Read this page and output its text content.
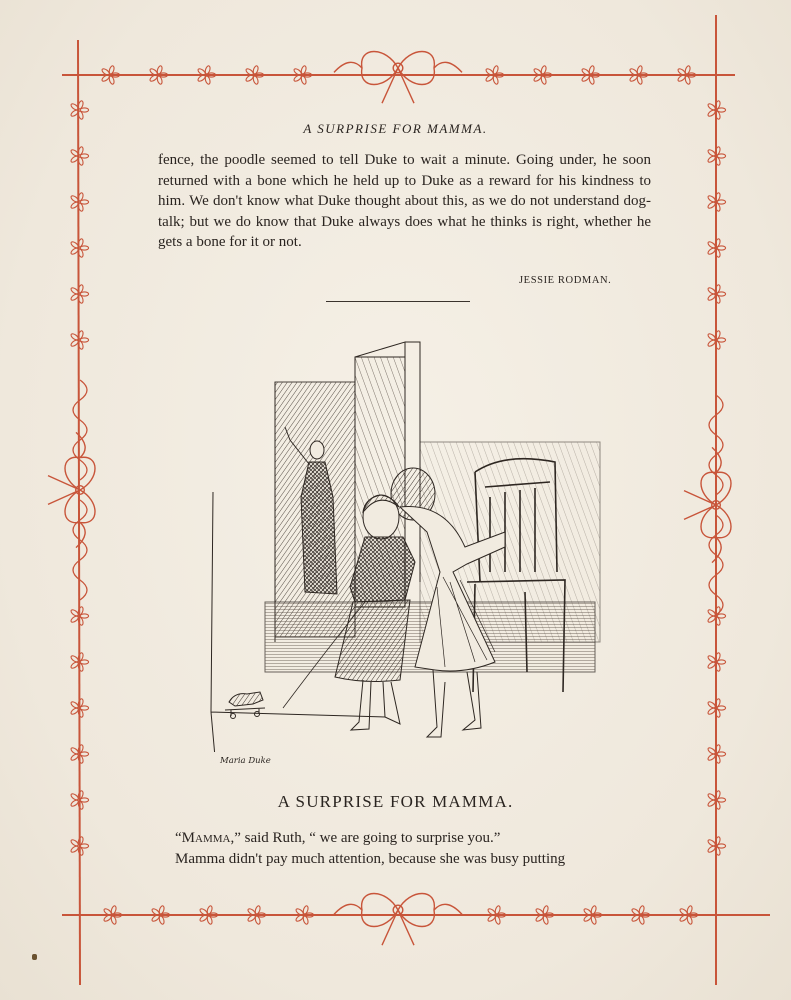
A SURPRISE FOR MAMMA.

fence, the poodle seemed to tell Duke to wait a minute. Going under, he soon returned with a bone which he held up to Duke as a reward for his kindness to him. We don't know what Duke thought about this, as we do not understand dog-talk; but we do know that Duke always does what he thinks is right, whether he gets a bone for it or not.

JESSIE RODMAN.
Maria Duke
A SURPRISE FOR MAMMA.
“Mamma,” said Ruth, “ we are going to surprise you.”
Mamma didn't pay much attention, because she was busy putting
